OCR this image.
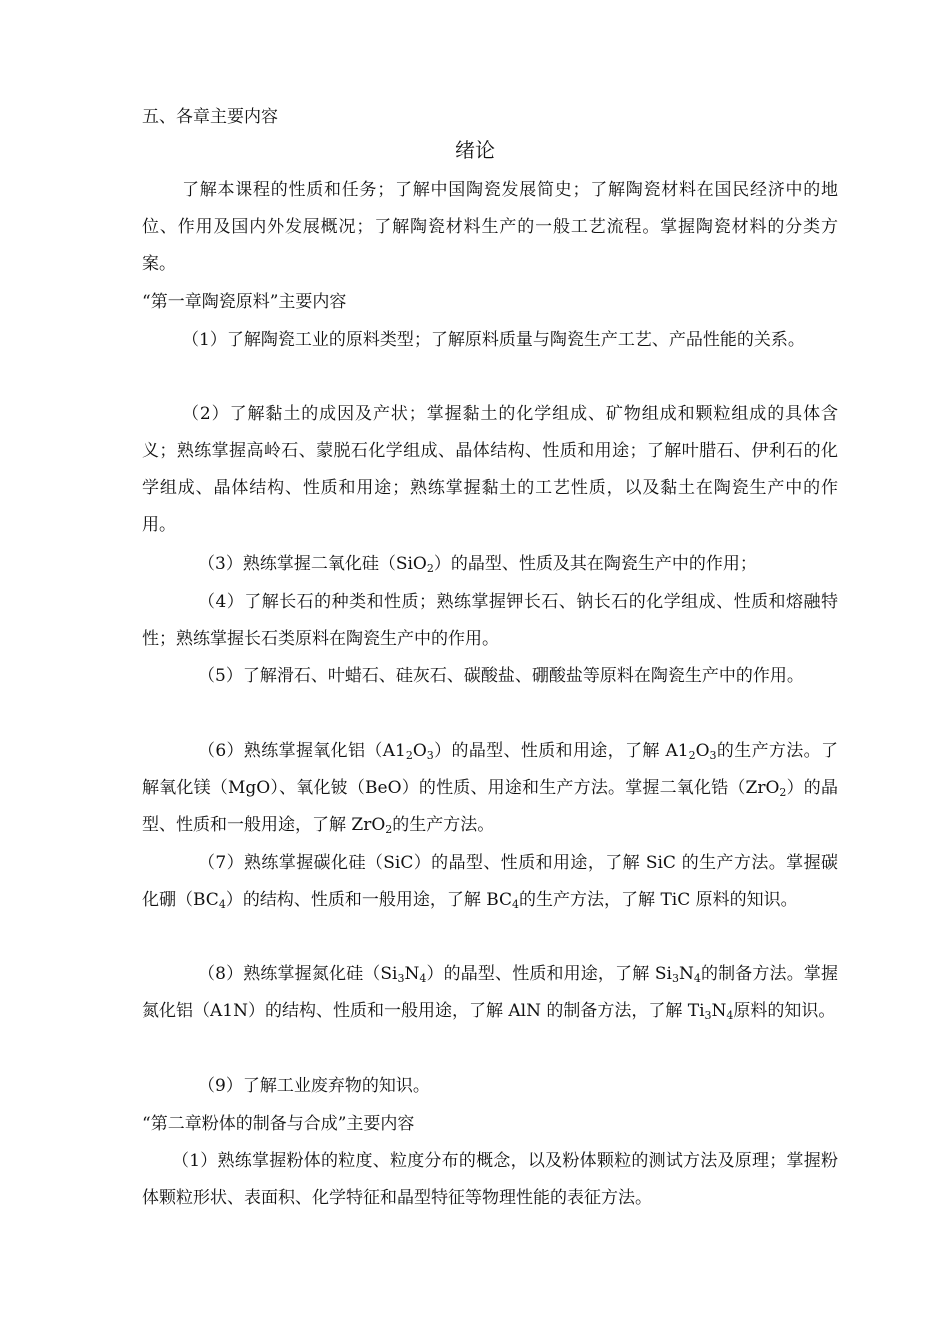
五、各章主要内容
绪论
了解本课程的性质和任务；了解中国陶瓷发展简史；了解陶瓷材料在国民经济中的地位、作用及国内外发展概况；了解陶瓷材料生产的一般工艺流程。掌握陶瓷材料的分类方案。
“第一章陶瓷原料”主要内容
（1）了解陶瓷工业的原料类型；了解原料质量与陶瓷生产工艺、产品性能的关系。
（2）了解黏土的成因及产状；掌握黏土的化学组成、矿物组成和颗粒组成的具体含义；熟练掌握高岭石、蒙脱石化学组成、晶体结构、性质和用途；了解叶腊石、伊利石的化学组成、晶体结构、性质和用途；熟练掌握黏土的工艺性质，以及黏土在陶瓷生产中的作用。
（3）熟练掌握二氧化硅（SiO$_2$）的晶型、性质及其在陶瓷生产中的作用；
（4）了解长石的种类和性质；熟练掌握钾长石、钠长石的化学组成、性质和熔融特性；熟练掌握长石类原料在陶瓷生产中的作用。
（5）了解滑石、叶蜡石、硅灰石、碳酸盐、硼酸盐等原料在陶瓷生产中的作用。
（6）熟练掌握氧化铝$(A1_2O_3)$的晶型、性质和用途，了解 $A1_2O_3$的生产方法。了解氧化镁（MgO）、氧化铍（BeO）的性质、用途和生产方法。掌握二氧化锆（ZrO$_2$）的晶型、性质和一般用途，了解 ZrO$_2$的生产方法。
（7）熟练掌握碳化硅（SiC）的晶型、性质和用途，了解 SiC 的生产方法。掌握碳化硼$(BC_4)$的结构、性质和一般用途，了解 $BC_4$的生产方法，了解 TiC 原料的知识。
（8）熟练掌握氮化硅$(Si_3N_4)$的晶型、性质和用途，了解 $Si_3N_4$的制备方法。掌握氮化铝（A1N）的结构、性质和一般用途，了解 AlN 的制备方法，了解 $Ti_3N_4$原料的知识。
（9）了解工业废弃物的知识。
“第二章粉体的制备与合成”主要内容
（1）熟练掌握粉体的粒度、粒度分布的概念，以及粉体颗粒的测试方法及原理；掌握粉体颗粒形状、表面积、化学特征和晶型特征等物理性能的表征方法。
